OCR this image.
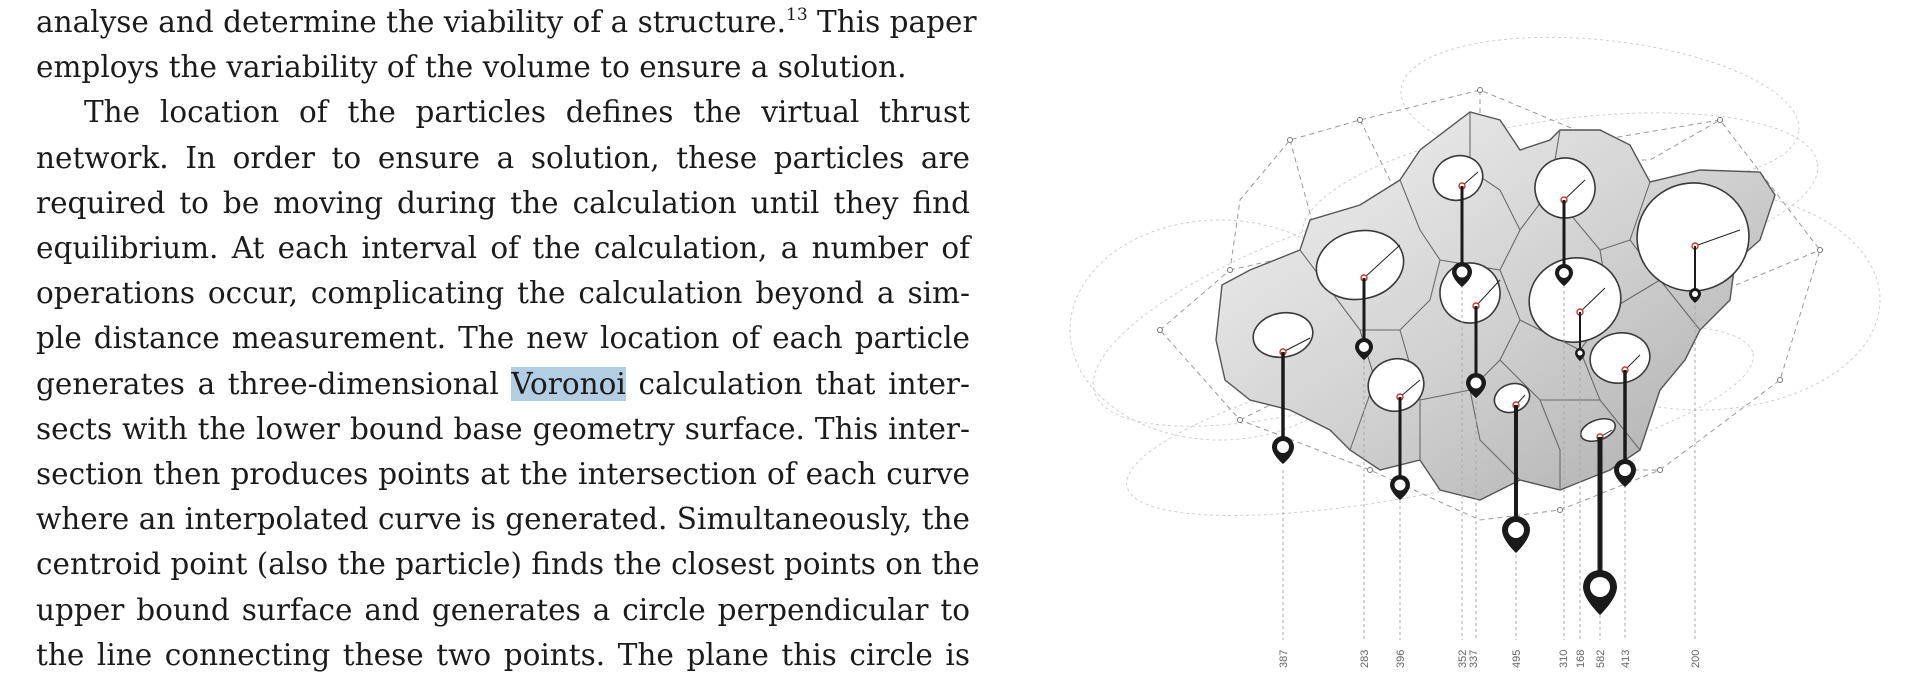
analyse and determine the viability of a structure.$^{13}$ This paper
employs the variability of the volume to ensure a solution.
The location of the particles defines the virtual thrust
network. In order to ensure a solution, these particles are
required to be moving during the calculation until they find
equilibrium. At each interval of the calculation, a number of
operations occur, complicating the calculation beyond a sim-
ple distance measurement. The new location of each particle
generates a three-dimensional Voronoi calculation that inter-
sects with the lower bound base geometry surface. This inter-
section then produces points at the intersection of each curve
where an interpolated curve is generated. Simultaneously, the
centroid point (also the particle) finds the closest points on the
upper bound surface and generates a circle perpendicular to
the line connecting these two points. The plane this circle is	387	283 396	352 337	495	310 168 582 413	200
